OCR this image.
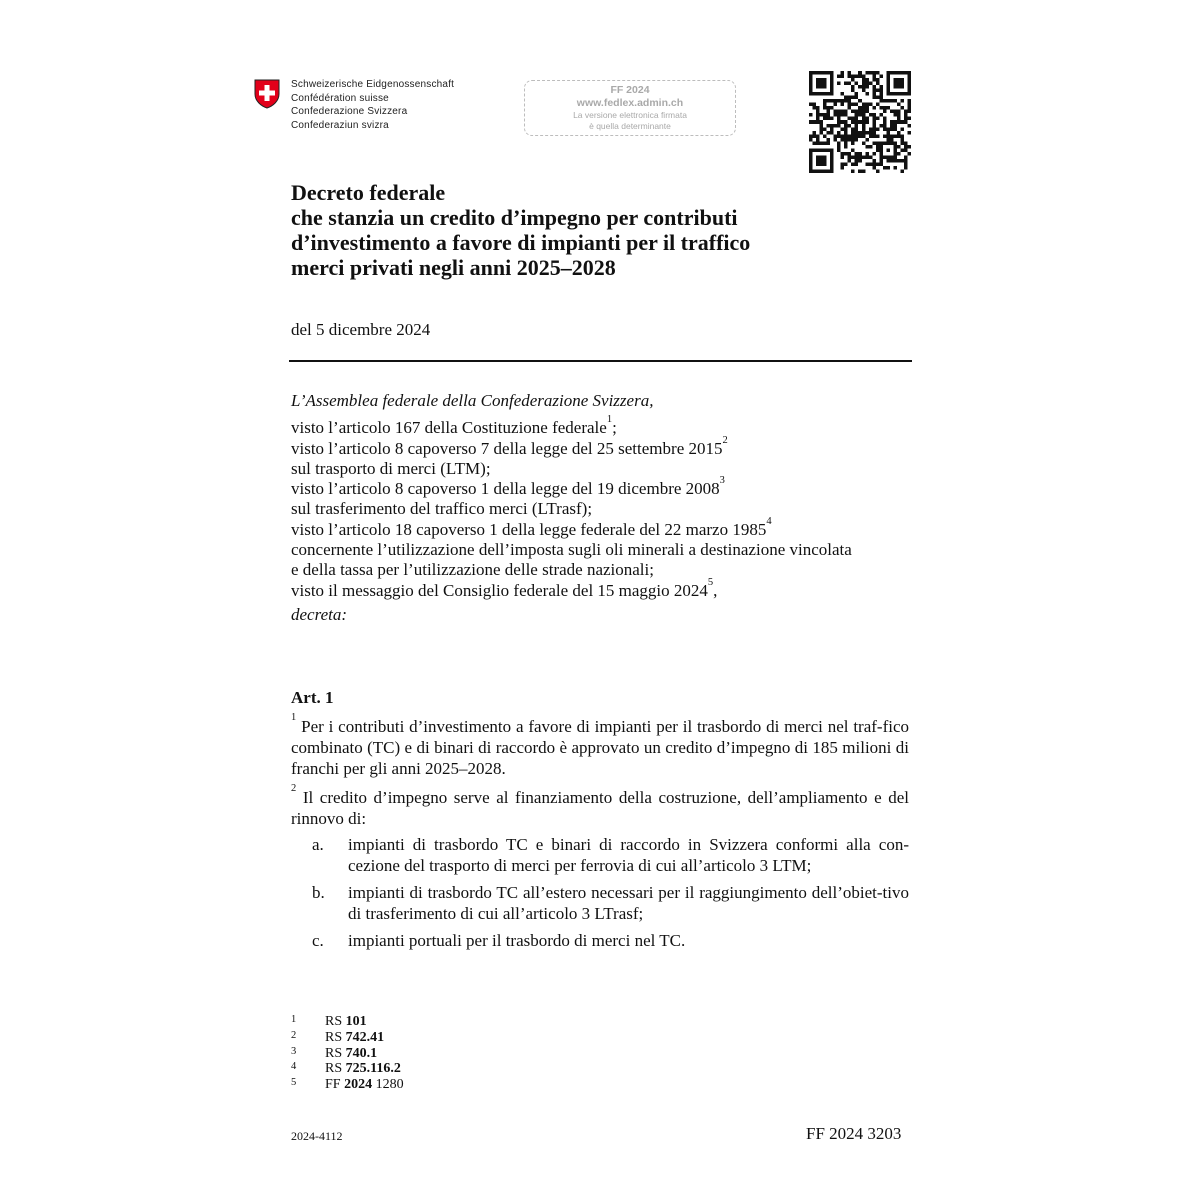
Schweizerische Eidgenossenschaft
Confédération suisse
Confederazione Svizzera
Confederaziun svizra
FF 2024
www.fedlex.admin.ch
La versione elettronica firmata
è quella determinante
Decreto federale
che stanzia un credito d’impegno per contributi
d’investimento a favore di impianti per il traffico
merci privati negli anni 2025–2028
del 5 dicembre 2024
L’Assemblea federale della Confederazione Svizzera,
visto l’articolo 167 della Costituzione federale$^1$;
visto l’articolo 8 capoverso 7 della legge del 25 settembre 2015$^2$
sul trasporto di merci (LTM);
visto l’articolo 8 capoverso 1 della legge del 19 dicembre 2008$^3$
sul trasferimento del traffico merci (LTrasf);
visto l’articolo 18 capoverso 1 della legge federale del 22 marzo 1985$^4$
concernente l’utilizzazione dell’imposta sugli oli minerali a destinazione vincolata
e della tassa per l’utilizzazione delle strade nazionali;
visto il messaggio del Consiglio federale del 15 maggio 2024$^5$,
decreta:
Art. 1
$^1$ Per i contributi d’investimento a favore di impianti per il trasbordo di merci nel traf-fico combinato (TC) e di binari di raccordo è approvato un credito d’impegno di 185 milioni di franchi per gli anni 2025–2028.
$^2$ Il credito d’impegno serve al finanziamento della costruzione, dell’ampliamento e del rinnovo di:
a.	impianti di trasbordo TC e binari di raccordo in Svizzera conformi alla con-cezione del trasporto di merci per ferrovia di cui all’articolo 3 LTM;
b.	impianti di trasbordo TC all’estero necessari per il raggiungimento dell’obiet-tivo di trasferimento di cui all’articolo 3 LTrasf;
c.	impianti portuali per il trasbordo di merci nel TC.
1 RS 101
2 RS 742.41
3 RS 740.1
4 RS 725.116.2
5 FF 2024 1280
2024-4112	FF 2024 3203
